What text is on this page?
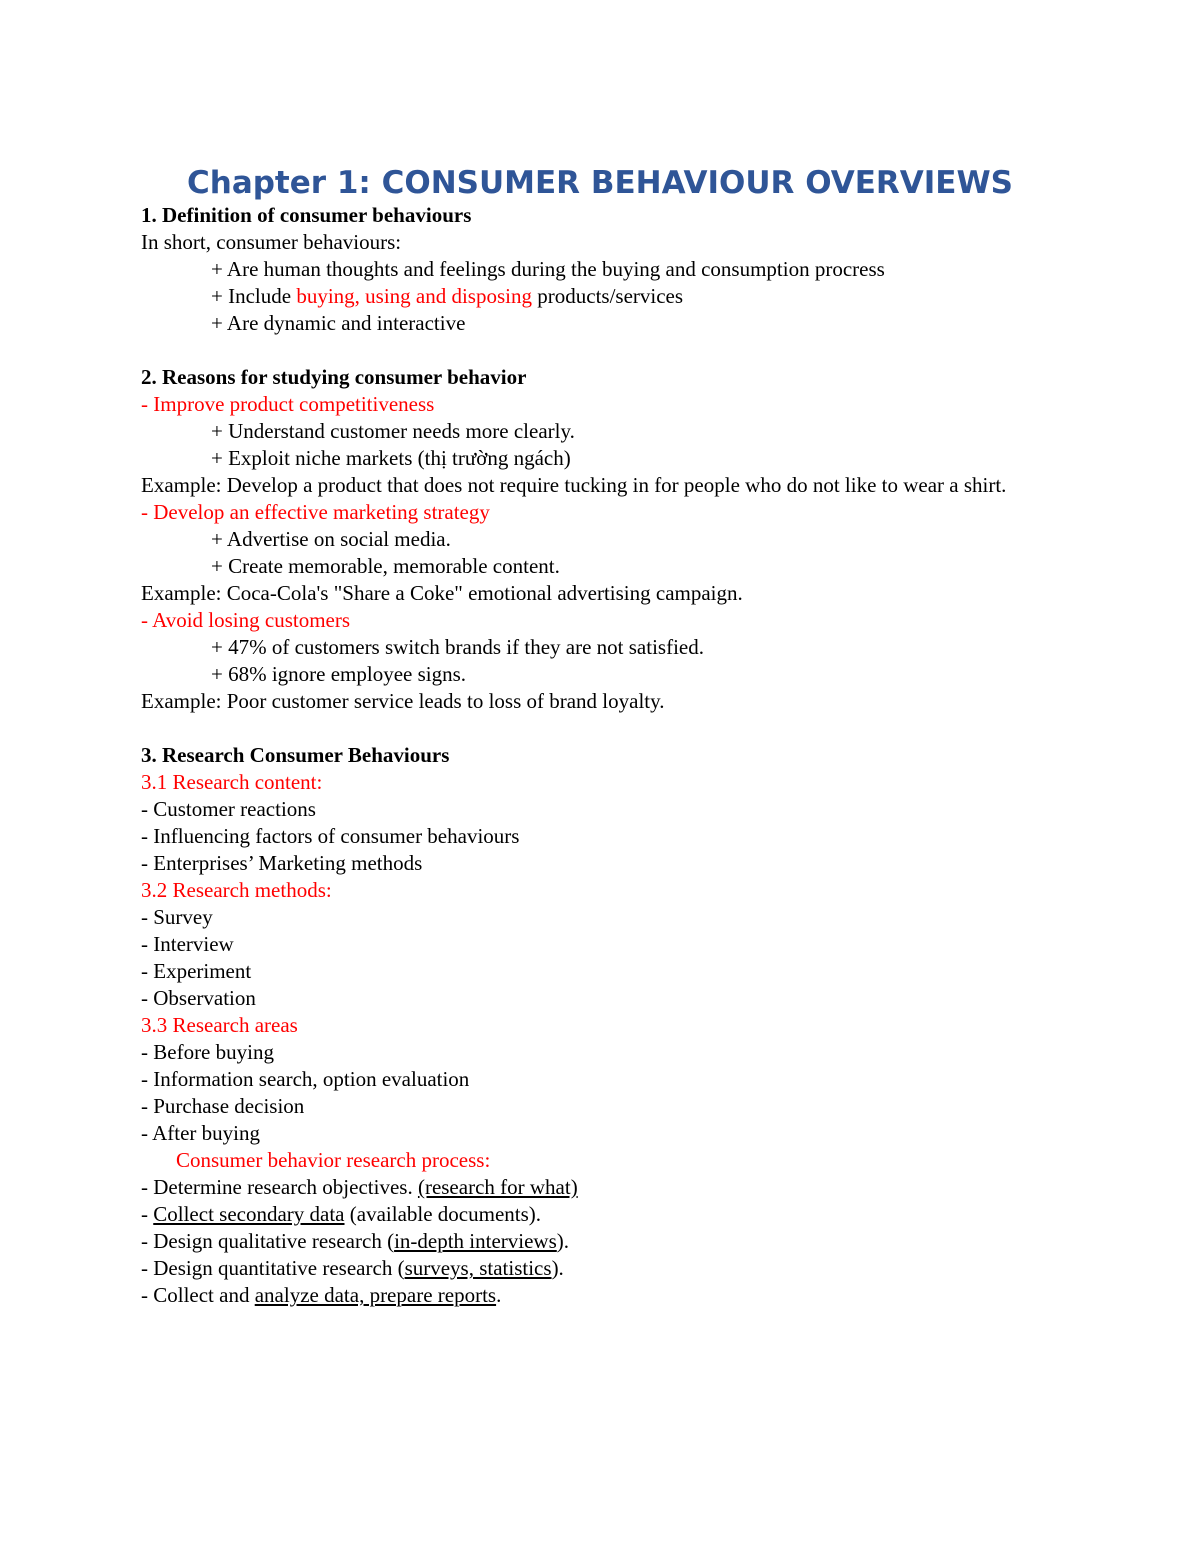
Chapter 1: CONSUMER BEHAVIOUR OVERVIEWS
1. Definition of consumer behaviours
In short, consumer behaviours:
+ Are human thoughts and feelings during the buying and consumption procress
+ Include buying, using and disposing products/services
+ Are dynamic and interactive
2. Reasons for studying consumer behavior
- Improve product competitiveness
+ Understand customer needs more clearly.
+ Exploit niche markets (thị trường ngách)
Example: Develop a product that does not require tucking in for people who do not like to wear a shirt.
- Develop an effective marketing strategy
+ Advertise on social media.
+ Create memorable, memorable content.
Example: Coca-Cola's "Share a Coke" emotional advertising campaign.
- Avoid losing customers
+ 47% of customers switch brands if they are not satisfied.
+ 68% ignore employee signs.
Example: Poor customer service leads to loss of brand loyalty.
3. Research Consumer Behaviours
3.1 Research content:
- Customer reactions
- Influencing factors of consumer behaviours
- Enterprises’ Marketing methods
3.2 Research methods:
- Survey
- Interview
- Experiment
- Observation
3.3 Research areas
- Before buying
- Information search, option evaluation
- Purchase decision
- After buying
Consumer behavior research process:
- Determine research objectives. (research for what)
- Collect secondary data (available documents).
- Design qualitative research (in-depth interviews).
- Design quantitative research (surveys, statistics).
- Collect and analyze data, prepare reports.
